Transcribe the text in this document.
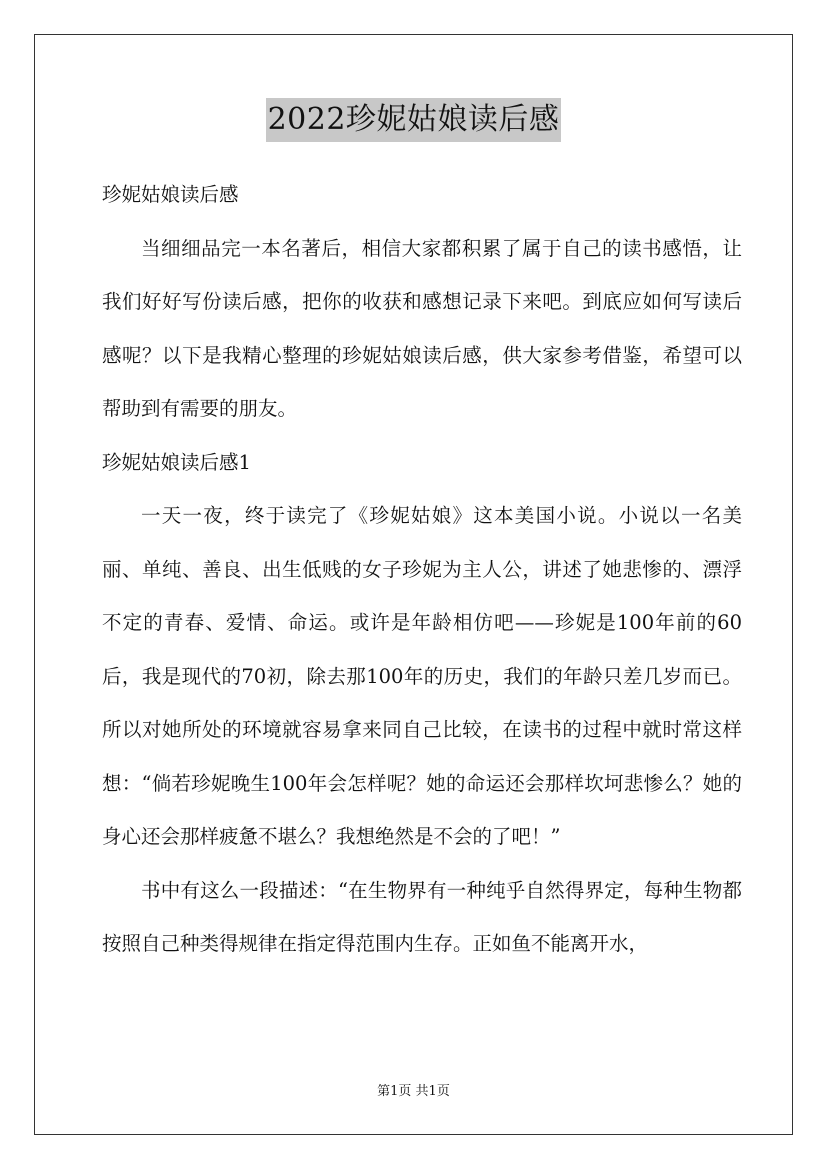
2022珍妮姑娘读后感

珍妮姑娘读后感

当细细品完一本名著后，相信大家都积累了属于自己的读书感悟，让我们好好写份读后感，把你的收获和感想记录下来吧。到底应如何写读后感呢？以下是我精心整理的珍妮姑娘读后感，供大家参考借鉴，希望可以帮助到有需要的朋友。

珍妮姑娘读后感1

一天一夜，终于读完了《珍妮姑娘》这本美国小说。小说以一名美丽、单纯、善良、出生低贱的女子珍妮为主人公，讲述了她悲惨的、漂浮不定的青春、爱情、命运。或许是年龄相仿吧——珍妮是100年前的60后，我是现代的70初，除去那100年的历史，我们的年龄只差几岁而已。所以对她所处的环境就容易拿来同自己比较，在读书的过程中就时常这样想：“倘若珍妮晚生100年会怎样呢？她的命运还会那样坎坷悲惨么？她的身心还会那样疲惫不堪么？我想绝然是不会的了吧！”

书中有这么一段描述：“在生物界有一种纯乎自然得界定，每种生物都按照自己种类得规律在指定得范围内生存。正如鱼不能离开水，

第1页 共1页
